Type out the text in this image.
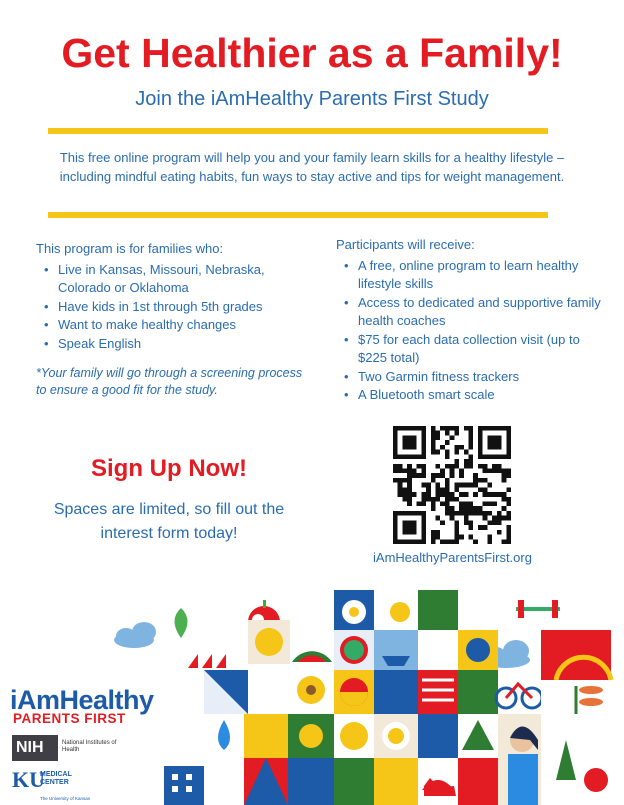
Get Healthier as a Family!
Join the iAmHealthy Parents First Study
This free online program will help you and your family learn skills for a healthy lifestyle – including mindful eating habits, fun ways to stay active and tips for weight management.
This program is for families who:
• Live in Kansas, Missouri, Nebraska, Colorado or Oklahoma
• Have kids in 1st through 5th grades
• Want to make healthy changes
• Speak English
*Your family will go through a screening process to ensure a good fit for the study.
Participants will receive:
• A free, online program to learn healthy lifestyle skills
• Access to dedicated and supportive family health coaches
• $75 for each data collection visit (up to $225 total)
• Two Garmin fitness trackers
• A Bluetooth smart scale
Sign Up Now!
Spaces are limited, so fill out the interest form today!
iAmHealthyParentsFirst.org
iAmHealthy
PARENTS FIRST
NIH	National Institutes of Health
KU
MEDICAL CENTER
The University of Kansas
